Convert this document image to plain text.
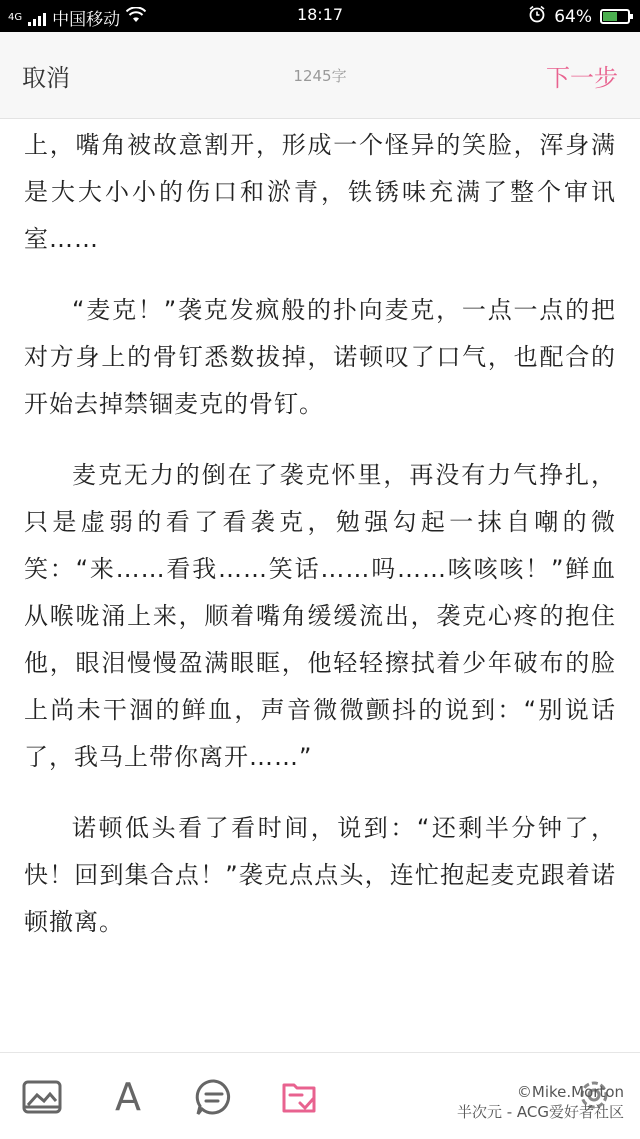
4G 中国移动	18:17	64%
取消	1245字	下一步

上，嘴角被故意割开，形成一个怪异的笑脸，浑身满是大大小小的伤口和淤青，铁锈味充满了整个审讯室……

“麦克！”袭克发疯般的扑向麦克，一点一点的把对方身上的骨钉悉数拔掉，诺顿叹了口气，也配合的开始去掉禁锢麦克的骨钉。

麦克无力的倒在了袭克怀里，再没有力气挣扎，只是虚弱的看了看袭克，勉强勾起一抹自嘲的微笑：“来……看我……笑话……吗……咳咳咳！”鲜血从喉咙涌上来，顺着嘴角缓缓流出，袭克心疼的抱住他，眼泪慢慢盈满眼眶，他轻轻擦拭着少年破布的脸上尚未干涸的鲜血，声音微微颤抖的说到：“别说话了，我马上带你离开……”

诺顿低头看了看时间，说到：“还剩半分钟了，快！回到集合点！”袭克点点头，连忙抱起麦克跟着诺顿撤离。

A	©Mike.Morton
半次元 - ACG爱好者社区
